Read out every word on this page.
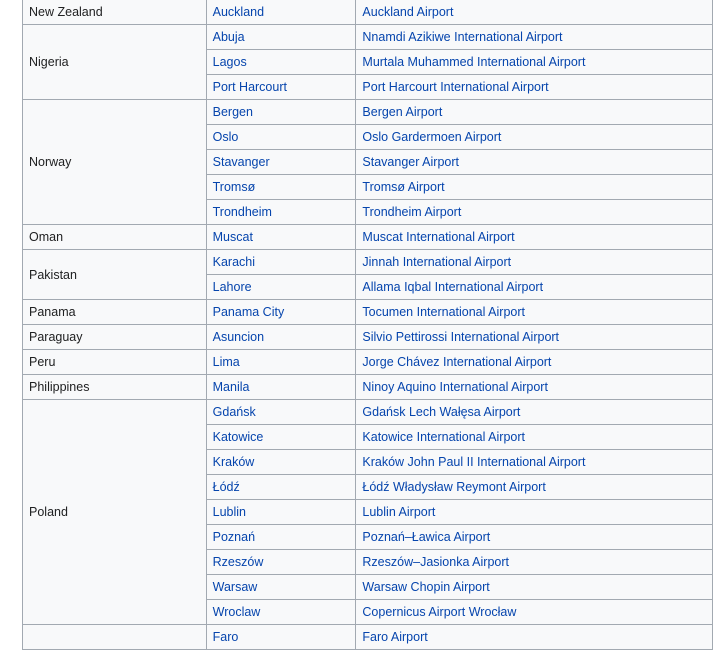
New Zealand	Auckland	Auckland Airport
Nigeria	Abuja	Nnamdi Azikiwe International Airport
	Lagos	Murtala Muhammed International Airport
	Port Harcourt	Port Harcourt International Airport
Norway	Bergen	Bergen Airport
	Oslo	Oslo Gardermoen Airport
	Stavanger	Stavanger Airport
	Tromsø	Tromsø Airport
	Trondheim	Trondheim Airport
Oman	Muscat	Muscat International Airport
Pakistan	Karachi	Jinnah International Airport
	Lahore	Allama Iqbal International Airport
Panama	Panama City	Tocumen International Airport
Paraguay	Asuncion	Silvio Pettirossi International Airport
Peru	Lima	Jorge Chávez International Airport
Philippines	Manila	Ninoy Aquino International Airport
Poland	Gdańsk	Gdańsk Lech Wałęsa Airport
	Katowice	Katowice International Airport
	Kraków	Kraków John Paul II International Airport
	Łódź	Łódź Władysław Reymont Airport
	Lublin	Lublin Airport
	Poznań	Poznań–Ławica Airport
	Rzeszów	Rzeszów–Jasionka Airport
	Warsaw	Warsaw Chopin Airport
	Wroclaw	Copernicus Airport Wrocław
	Faro	Faro Airport
